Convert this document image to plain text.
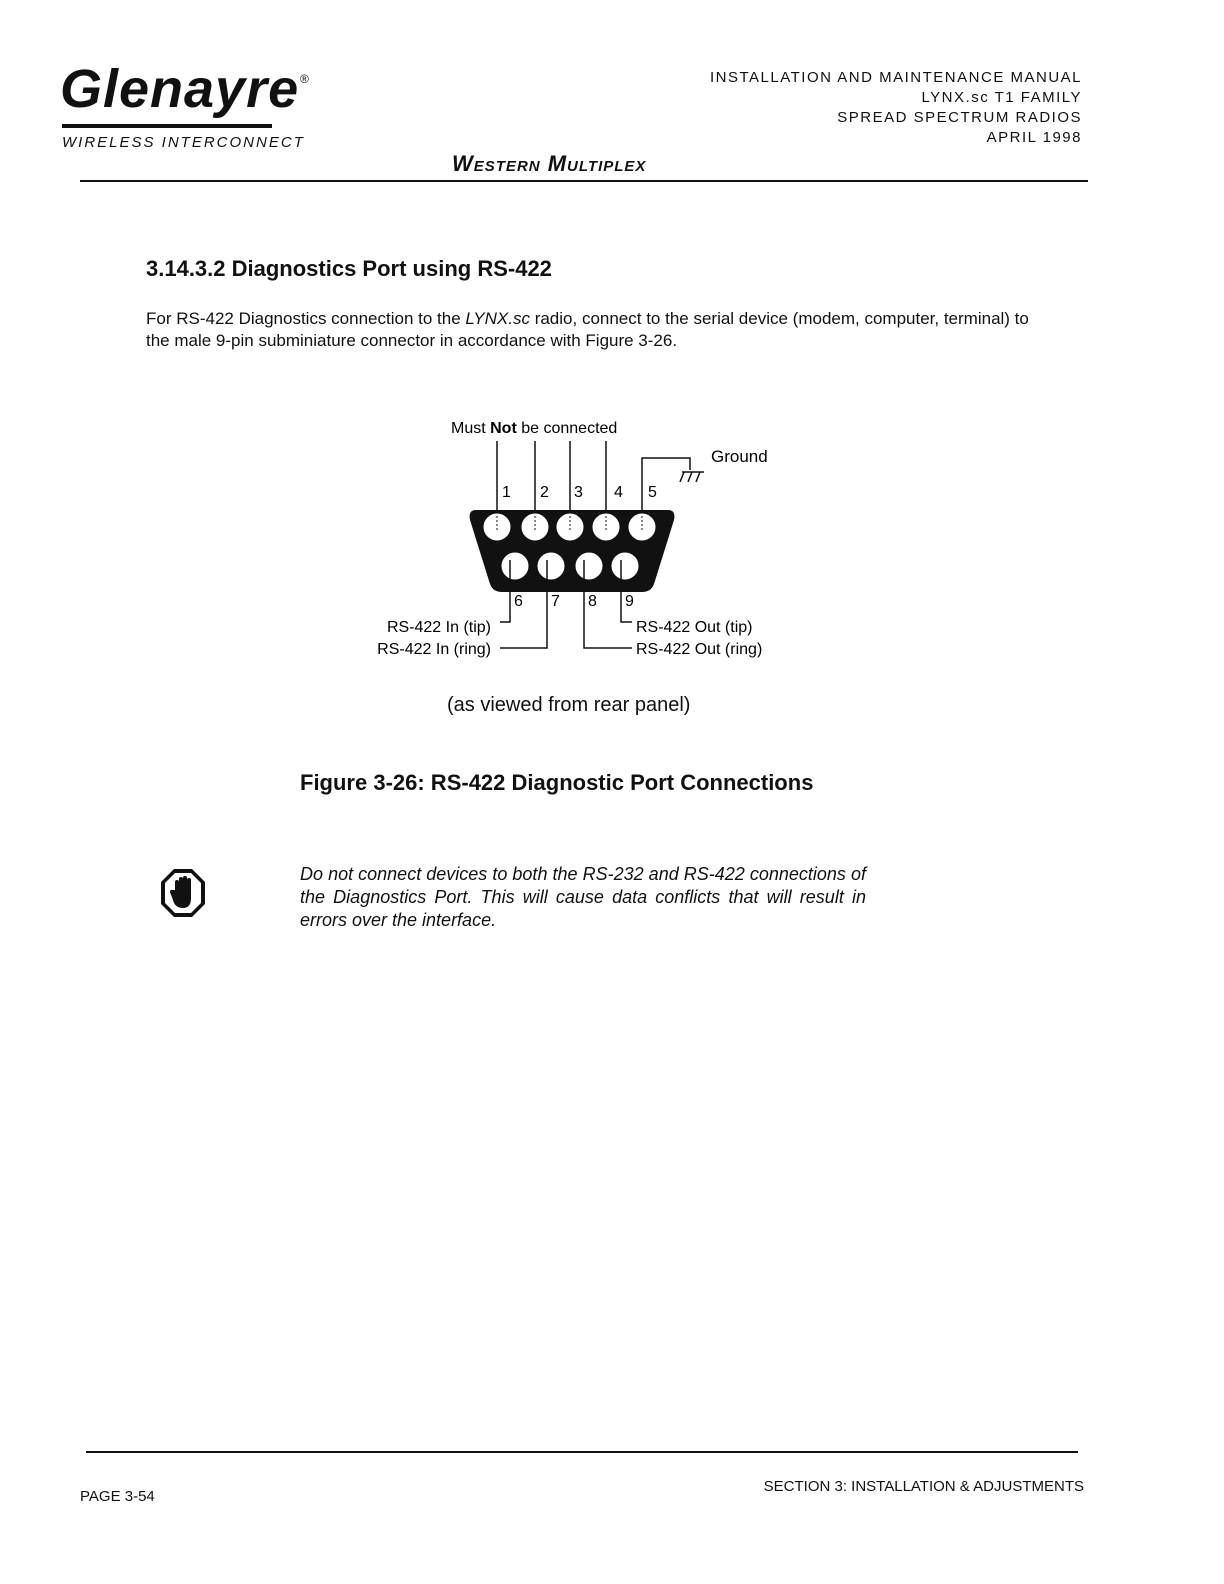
Glenayre ®
WIRELESS INTERCONNECT
INSTALLATION AND MAINTENANCE MANUAL
LYNX.sc T1 FAMILY
SPREAD SPECTRUM RADIOS
APRIL 1998
Western Multiplex
3.14.3.2 Diagnostics Port using RS-422
For RS-422 Diagnostics connection to the LYNX.sc radio, connect to the serial device (modem, computer, terminal) to the male 9-pin subminiature connector in accordance with Figure 3-26.
Must Not be connected
Ground
1 2 3 4 5
6 7 8 9
RS-422 In (tip)
RS-422 In (ring)
RS-422 Out (tip)
RS-422 Out (ring)
(as viewed from rear panel)
Figure 3-26: RS-422 Diagnostic Port Connections
Do not connect devices to both the RS-232 and RS-422 connections of the Diagnostics Port. This will cause data conflicts that will result in errors over the interface.
PAGE 3-54
SECTION 3: INSTALLATION & ADJUSTMENTS
